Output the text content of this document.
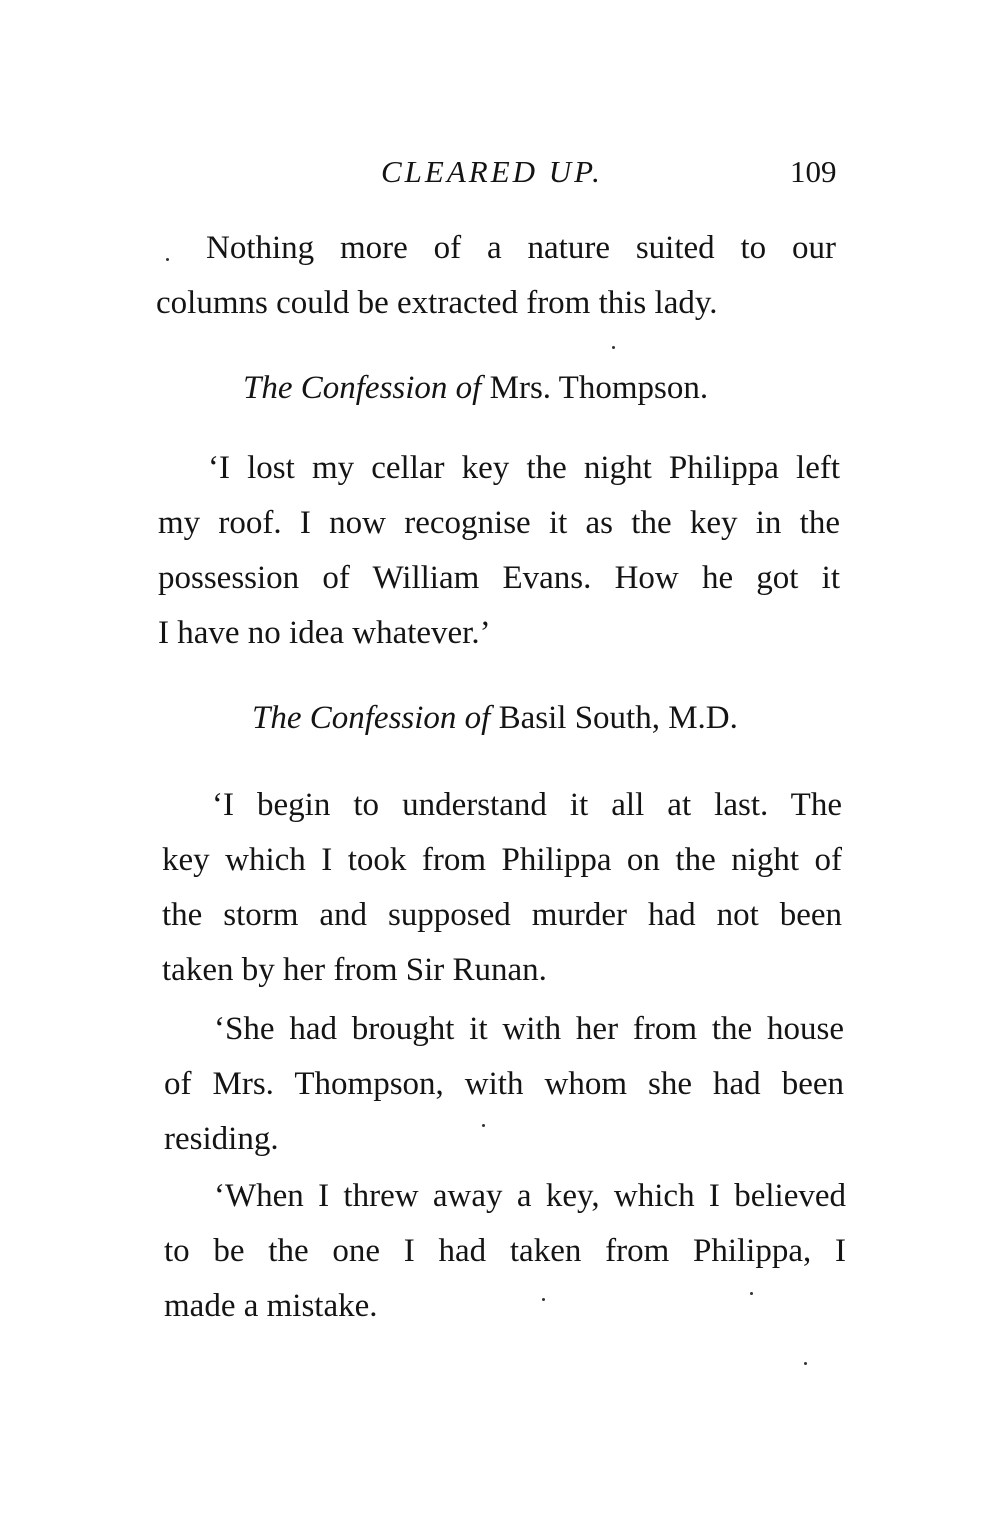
CLEARED UP.	109
Nothing more of a nature suited to our
columns could be extracted from this lady.
The Confession of Mrs. Thompson.
‘I lost my cellar key the night Philippa left
my roof. I now recognise it as the key in the
possession of William Evans. How he got it
I have no idea whatever.’
The Confession of Basil South, M.D.
‘I begin to understand it all at last. The
key which I took from Philippa on the night of
the storm and supposed murder had not been
taken by her from Sir Runan.
‘She had brought it with her from the house
of Mrs. Thompson, with whom she had been
residing.
‘When I threw away a key, which I believed
to be the one I had taken from Philippa, I
made a mistake.
